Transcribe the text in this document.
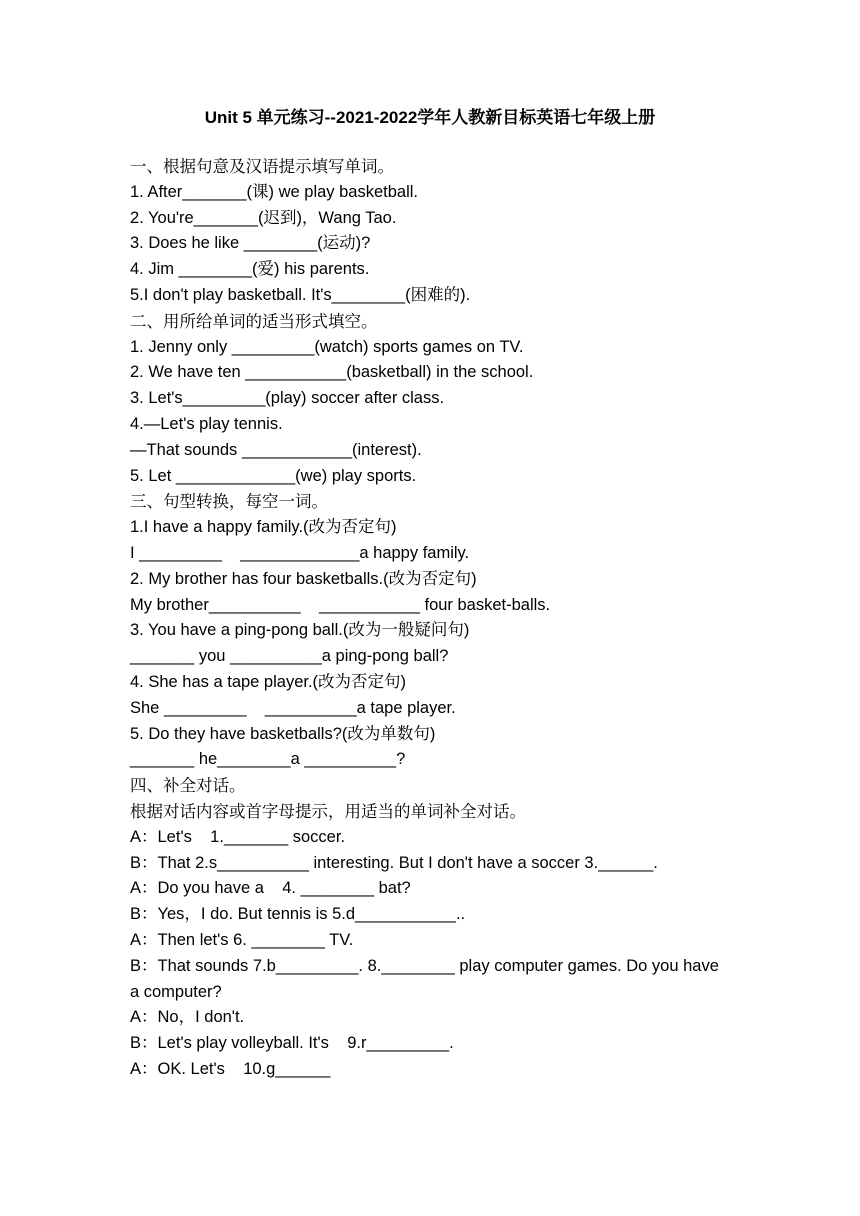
Unit 5 单元练习--2021-2022学年人教新目标英语七年级上册
一、根据句意及汉语提示填写单词。
1. After_______(课) we play basketball.
2. You're_______(迟到)，Wang Tao.
3. Does he like ________(运动)?
4. Jim ________(爱) his parents.
5.I don't play basketball. It's________(困难的).
二、用所给单词的适当形式填空。
1. Jenny only _________(watch) sports games on TV.
2. We have ten ___________(basketball) in the school.
3. Let's_________(play) soccer after class.
4.—Let's play tennis.
—That sounds ____________(interest).
5. Let _____________(we) play sports.
三、句型转换，每空一词。
1.I have a happy family.(改为否定句)
I _________    _____________a happy family.
2. My brother has four basketballs.(改为否定句)
My brother__________    ___________ four basket-balls.
3. You have a ping-pong ball.(改为一般疑问句)
_______ you __________a ping-pong ball?
4. She has a tape player.(改为否定句)
She _________    __________a tape player.
5. Do they have basketballs?(改为单数句)
_______ he________a __________?
四、补全对话。
根据对话内容或首字母提示，用适当的单词补全对话。
A：Let's    1._______ soccer.
B：That 2.s__________ interesting. But I don't have a soccer 3.______.
A：Do you have a    4. ________ bat?
B：Yes，I do. But tennis is 5.d___________..
A：Then let's 6. ________ TV.
B：That sounds 7.b_________. 8.________ play computer games. Do you have a computer?
A：No，I don't.
B：Let's play volleyball. It's    9.r_________.
A：OK. Let's    10.g______
